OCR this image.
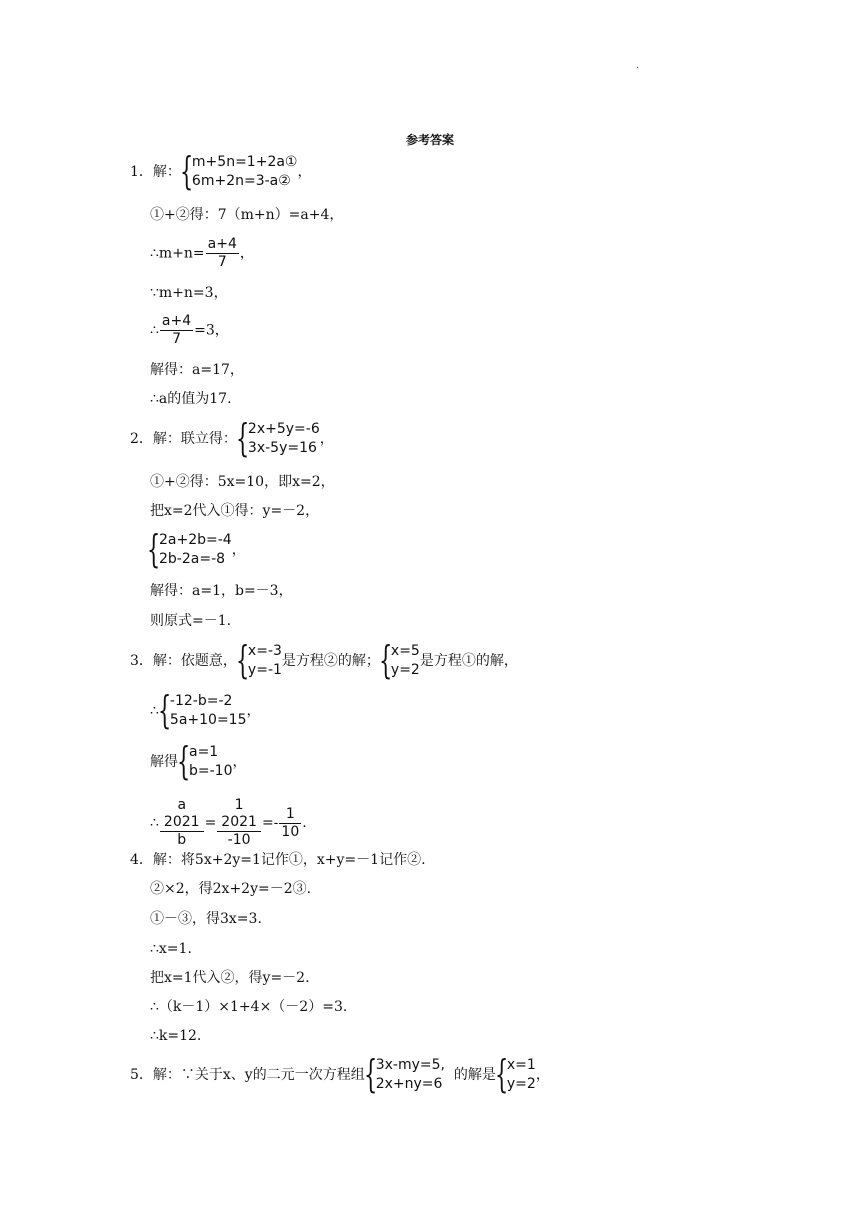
.
参考答案
1．解： {
m+5n=1+2a①
6m+2n=3-a②
，
①+②得：7（m+n）=a+4，
∴m+n= $\frac{a+4}{7}$ ，
∵m+n=3，
∴ $\frac{a+4}{7} =3$，
解得：a=17，
∴a的值为17.
2．解：联立得： {
2x+5y=-6
3x-5y=16
，
①+②得：5x=10，即x=2，
把x=2代入①得：y=－2，
{
2a+2b=-4
2b-2a=-8
，
解得：a=1，b=－3，
则原式=－1.
3．解：依题意， {
x=-3
y=-1
是方程②的解； {
x=5
y=2
是方程①的解，
∴ {
-12-b=-2
5a+10=15
，
解得 {
a=1
b=-10
，
∴ a
2021
b = 1
2021
$-10 =- \frac{1}{10}$ .
4．解：将5x+2y=1记作①，x+y=－1记作②.
②×2，得2x+2y=－2③.
①－③，得3x=3.
∴x=1.
把x=1代入②，得y=－2.
∴（k－1）×1+4×（－2）=3.
∴k=12.
5．解：∵关于x、y的二元一次方程组 {
3x-my=5,
2x+ny=6
的解是 {
x=1
y=2
，
